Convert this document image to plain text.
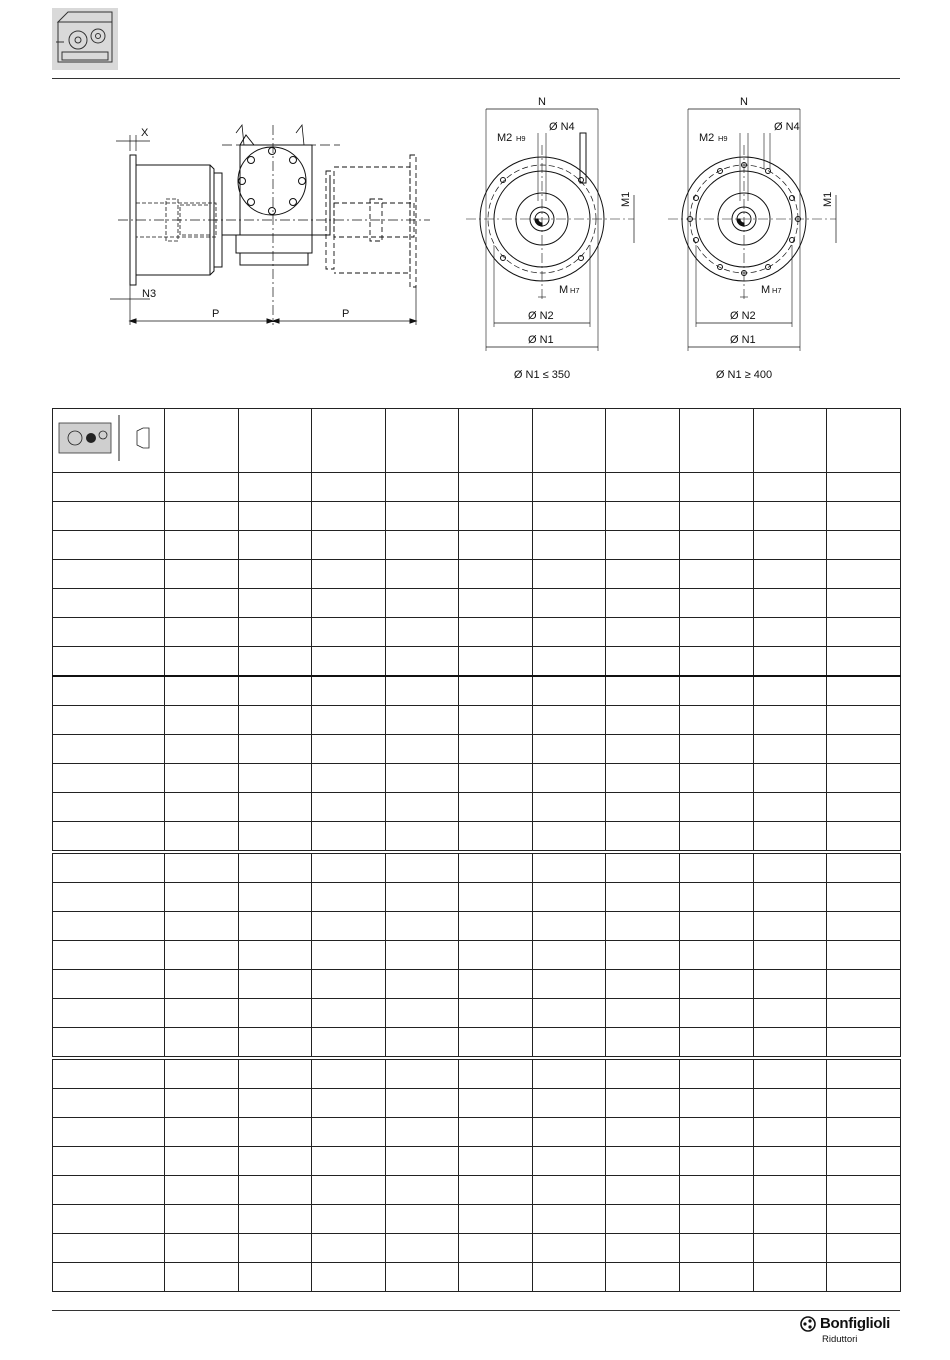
X
N3
P	P
N
M2 H9
Ø N4
M1
M H7
Ø N2
Ø N1
N
M2 H9
Ø N4
M1
M H7
Ø N2
Ø N1
Ø N1 ≤ 350	Ø N1 ≥ 400

Bonfiglioli
Riduttori
